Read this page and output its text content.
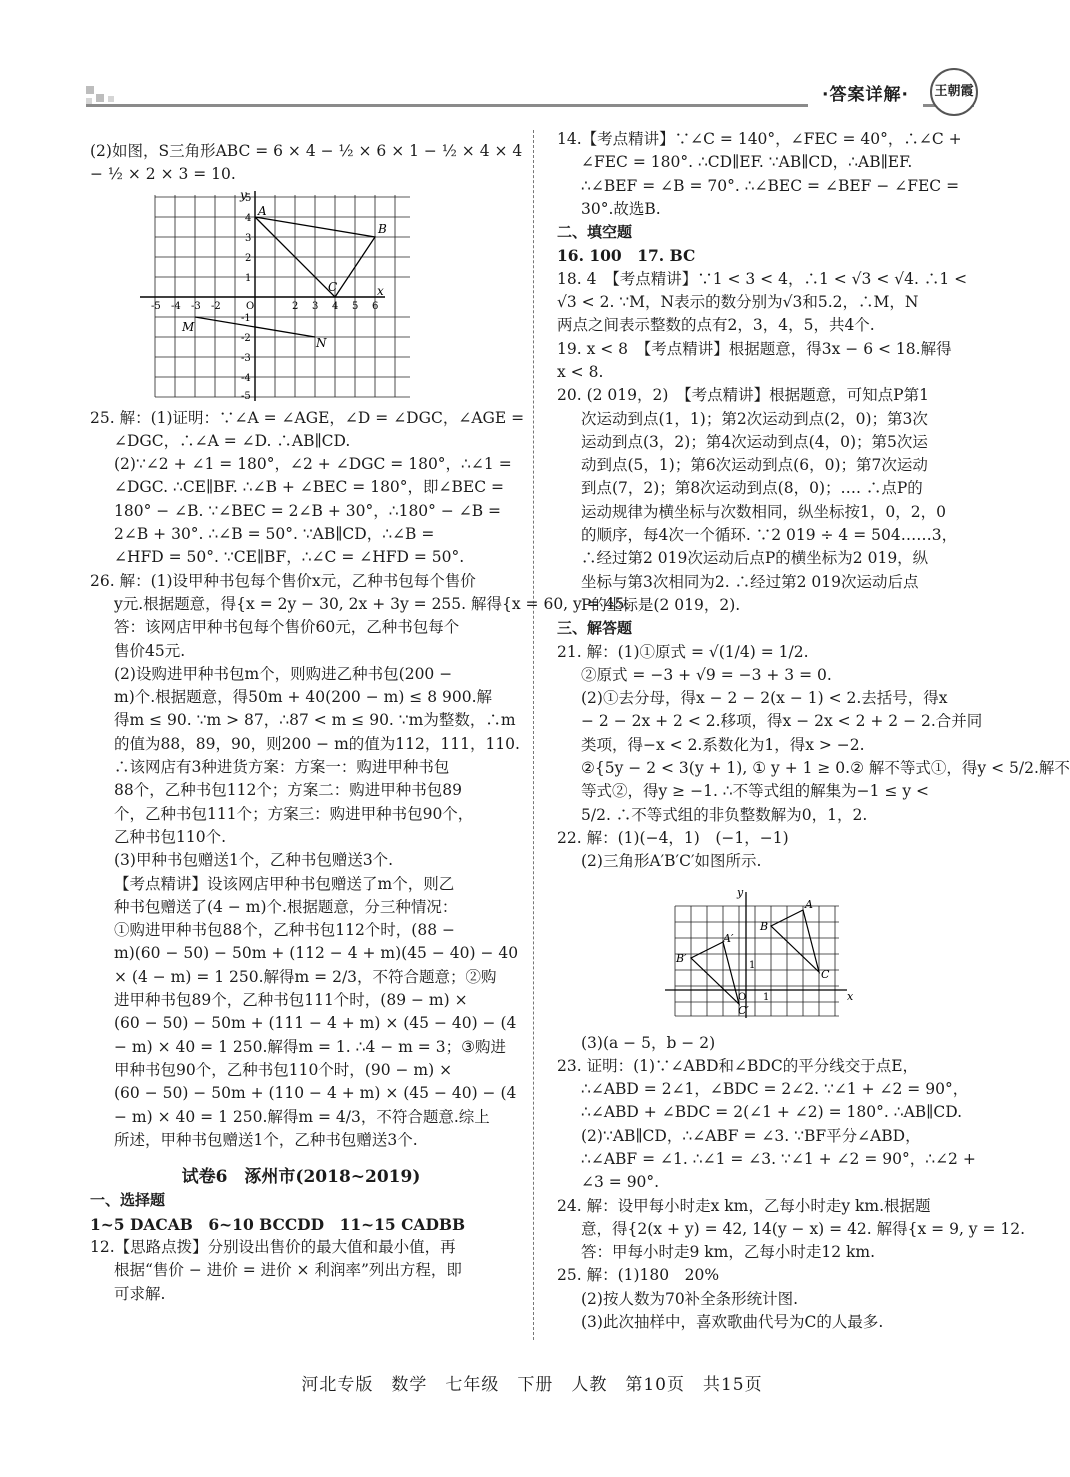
·答案详解·	王朝霞

(2)如图，S三角形ABC = 6 × 4 − ½ × 6 × 1 − ½ × 4 × 4

− ½ × 2 × 3 = 10.

A
B
C
M
N
x
y
-5 -4 -3 -2	O	2 3 4 5 6
5
4
3
2
1
-1
-2
-3
-4
-5

25. 解：(1)证明：∵∠A = ∠AGE，∠D = ∠DGC，∠AGE =

∠DGC，∴∠A = ∠D. ∴AB∥CD.

(2)∵∠2 + ∠1 = 180°，∠2 + ∠DGC = 180°，∴∠1 =

∠DGC. ∴CE∥BF. ∴∠B + ∠BEC = 180°，即∠BEC =

180° − ∠B. ∵∠BEC = 2∠B + 30°，∴180° − ∠B =

2∠B + 30°. ∴∠B = 50°. ∵AB∥CD，∴∠B =

∠HFD = 50°. ∵CE∥BF，∴∠C = ∠HFD = 50°.

26. 解：(1)设甲种书包每个售价x元，乙种书包每个售价

y元.根据题意，得{x = 2y − 30, 2x + 3y = 255. 解得{x = 60, y = 45.

答：该网店甲种书包每个售价60元，乙种书包每个

售价45元.

(2)设购进甲种书包m个，则购进乙种书包(200 −

m)个.根据题意，得50m + 40(200 − m) ≤ 8 900.解

得m ≤ 90. ∵m > 87，∴87 < m ≤ 90. ∵m为整数，∴m

的值为88，89，90，则200 − m的值为112，111，110.

∴该网店有3种进货方案：方案一：购进甲种书包

88个，乙种书包112个；方案二：购进甲种书包89

个，乙种书包111个；方案三：购进甲种书包90个，

乙种书包110个.

(3)甲种书包赠送1个，乙种书包赠送3个.

【考点精讲】设该网店甲种书包赠送了m个，则乙

种书包赠送了(4 − m)个.根据题意，分三种情况：

①购进甲种书包88个，乙种书包112个时，(88 −

m)(60 − 50) − 50m + (112 − 4 + m)(45 − 40) − 40

× (4 − m) = 1 250.解得m = 2/3，不符合题意；②购

进甲种书包89个，乙种书包111个时，(89 − m) ×

(60 − 50) − 50m + (111 − 4 + m) × (45 − 40) − (4

− m) × 40 = 1 250.解得m = 1. ∴4 − m = 3；③购进

甲种书包90个，乙种书包110个时，(90 − m) ×

(60 − 50) − 50m + (110 − 4 + m) × (45 − 40) − (4

− m) × 40 = 1 250.解得m = 4/3，不符合题意.综上

所述，甲种书包赠送1个，乙种书包赠送3个.

试卷6　涿州市(2018~2019)

一、选择题

1~5 DACAB　6~10 BCCDD　11~15 CADBB

12.【思路点拨】分别设出售价的最大值和最小值，再

根据“售价 − 进价 = 进价 × 利润率”列出方程，即

可求解.

14.【考点精讲】∵∠C = 140°，∠FEC = 40°，∴∠C +

∠FEC = 180°. ∴CD∥EF. ∵AB∥CD，∴AB∥EF.

∴∠BEF = ∠B = 70°. ∴∠BEC = ∠BEF − ∠FEC =

30°.故选B.

二、填空题

16. 100　17. BC

18. 4　【考点精讲】∵1 < 3 < 4，∴1 < √3 < √4. ∴1 <

√3 < 2. ∵M，N表示的数分别为√3和5.2，∴M，N

两点之间表示整数的点有2，3，4，5，共4个.

19. x < 8　【考点精讲】根据题意，得3x − 6 < 18.解得

x < 8.

20. (2 019，2)　【考点精讲】根据题意，可知点P第1

次运动到点(1，1)；第2次运动到点(2，0)；第3次

运动到点(3，2)；第4次运动到点(4，0)；第5次运

动到点(5，1)；第6次运动到点(6，0)；第7次运动

到点(7，2)；第8次运动到点(8，0)；…. ∴点P的

运动规律为横坐标与次数相同，纵坐标按1，0，2，0

的顺序，每4次一个循环. ∵2 019 ÷ 4 = 504……3，

∴经过第2 019次运动后点P的横坐标为2 019，纵

坐标与第3次相同为2. ∴经过第2 019次运动后点

P的坐标是(2 019，2).

三、解答题

21. 解：(1)①原式 = √(1/4) = 1/2.

②原式 = −3 + √9 = −3 + 3 = 0.

(2)①去分母，得x − 2 − 2(x − 1) < 2.去括号，得x

− 2 − 2x + 2 < 2.移项，得x − 2x < 2 + 2 − 2.合并同

类项，得−x < 2.系数化为1，得x > −2.

②{5y − 2 < 3(y + 1), ① y + 1 ≥ 0.② 解不等式①，得y < 5/2.解不

等式②，得y ≥ −1. ∴不等式组的解集为−1 ≤ y <

5/2. ∴不等式组的非负整数解为0，1，2.

22. 解：(1)(−4，1)　(−1，−1)

(2)三角形A′B′C′如图所示.

A
B
C
A′
B′
C′
x
y
1
1
O

(3)(a − 5，b − 2)

23. 证明：(1)∵∠ABD和∠BDC的平分线交于点E，

∴∠ABD = 2∠1，∠BDC = 2∠2. ∵∠1 + ∠2 = 90°，

∴∠ABD + ∠BDC = 2(∠1 + ∠2) = 180°. ∴AB∥CD.

(2)∵AB∥CD，∴∠ABF = ∠3. ∵BF平分∠ABD，

∴∠ABF = ∠1. ∴∠1 = ∠3. ∵∠1 + ∠2 = 90°，∴∠2 +

∠3 = 90°.

24. 解：设甲每小时走x km，乙每小时走y km.根据题

意，得{2(x + y) = 42, 14(y − x) = 42. 解得{x = 9, y = 12.

答：甲每小时走9 km，乙每小时走12 km.

25. 解：(1)180　20%

(2)按人数为70补全条形统计图.

(3)此次抽样中，喜欢歌曲代号为C的人最多.

河北专版　数学　七年级　下册　人教　第10页　共15页
